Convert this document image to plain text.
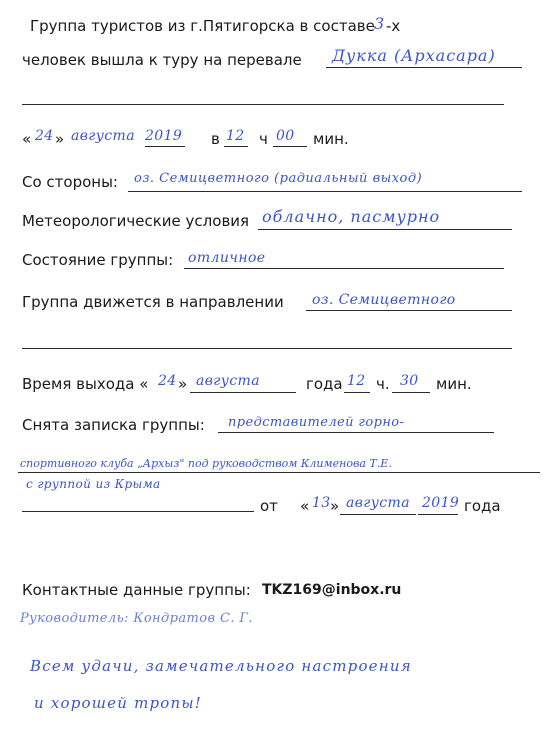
Группа туристов из г.Пятигорска в составе 3 -х
человек вышла к туру на перевале Дукка (Архасара)
« 24 » августа 2019 в 12 ч 00 мин.
Со стороны: оз. Семицветного (радиальный выход)
Метеорологические условия облачно, пасмурно
Состояние группы: отличное
Группа движется в направлении оз. Семицветного
Время выхода « 24 » августа	года 12 ч. 30 мин.
Снята записка группы: представителей горно-
спортивного клуба „Архыз" под руководством Клименова Т.Е.
с группой из Крыма
от « 13 » августа 2019 года
Контактные данные группы: TKZ169@inbox.ru
Руководитель: Кондратов С. Г.
Всем удачи, замечательного настроения
и хорошей тропы!
